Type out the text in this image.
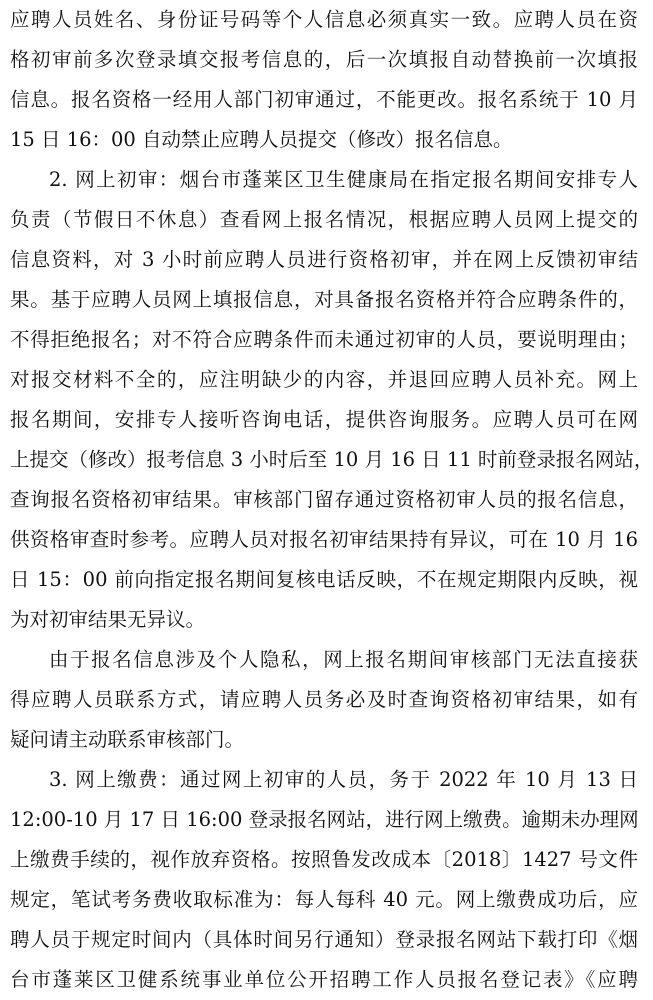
应聘人员姓名、身份证号码等个人信息必须真实一致。应聘人员在资
格初审前多次登录填交报考信息的，后一次填报自动替换前一次填报
信息。报名资格一经用人部门初审通过，不能更改。报名系统于 10 月
15 日 16：00 自动禁止应聘人员提交（修改）报名信息。
2. 网上初审：烟台市蓬莱区卫生健康局在指定报名期间安排专人
负责（节假日不休息）查看网上报名情况，根据应聘人员网上提交的
信息资料，对 3 小时前应聘人员进行资格初审，并在网上反馈初审结
果。基于应聘人员网上填报信息，对具备报名资格并符合应聘条件的，
不得拒绝报名；对不符合应聘条件而未通过初审的人员，要说明理由；
对报交材料不全的，应注明缺少的内容，并退回应聘人员补充。网上
报名期间，安排专人接听咨询电话，提供咨询服务。应聘人员可在网
上提交（修改）报考信息 3 小时后至 10 月 16 日 11 时前登录报名网站，
查询报名资格初审结果。审核部门留存通过资格初审人员的报名信息，
供资格审查时参考。应聘人员对报名初审结果持有异议，可在 10 月 16
日 15：00 前向指定报名期间复核电话反映，不在规定期限内反映，视
为对初审结果无异议。
由于报名信息涉及个人隐私，网上报名期间审核部门无法直接获
得应聘人员联系方式，请应聘人员务必及时查询资格初审结果，如有
疑问请主动联系审核部门。
3. 网上缴费：通过网上初审的人员，务于 2022 年 10 月 13 日
12:00-10 月 17 日 16:00 登录报名网站，进行网上缴费。逾期未办理网
上缴费手续的，视作放弃资格。按照鲁发改成本〔2018〕1427 号文件
规定，笔试考务费收取标准为：每人每科 40 元。网上缴费成功后，应
聘人员于规定时间内（具体时间另行通知）登录报名网站下载打印《烟
台市蓬莱区卫健系统事业单位公开招聘工作人员报名登记表》《应聘
